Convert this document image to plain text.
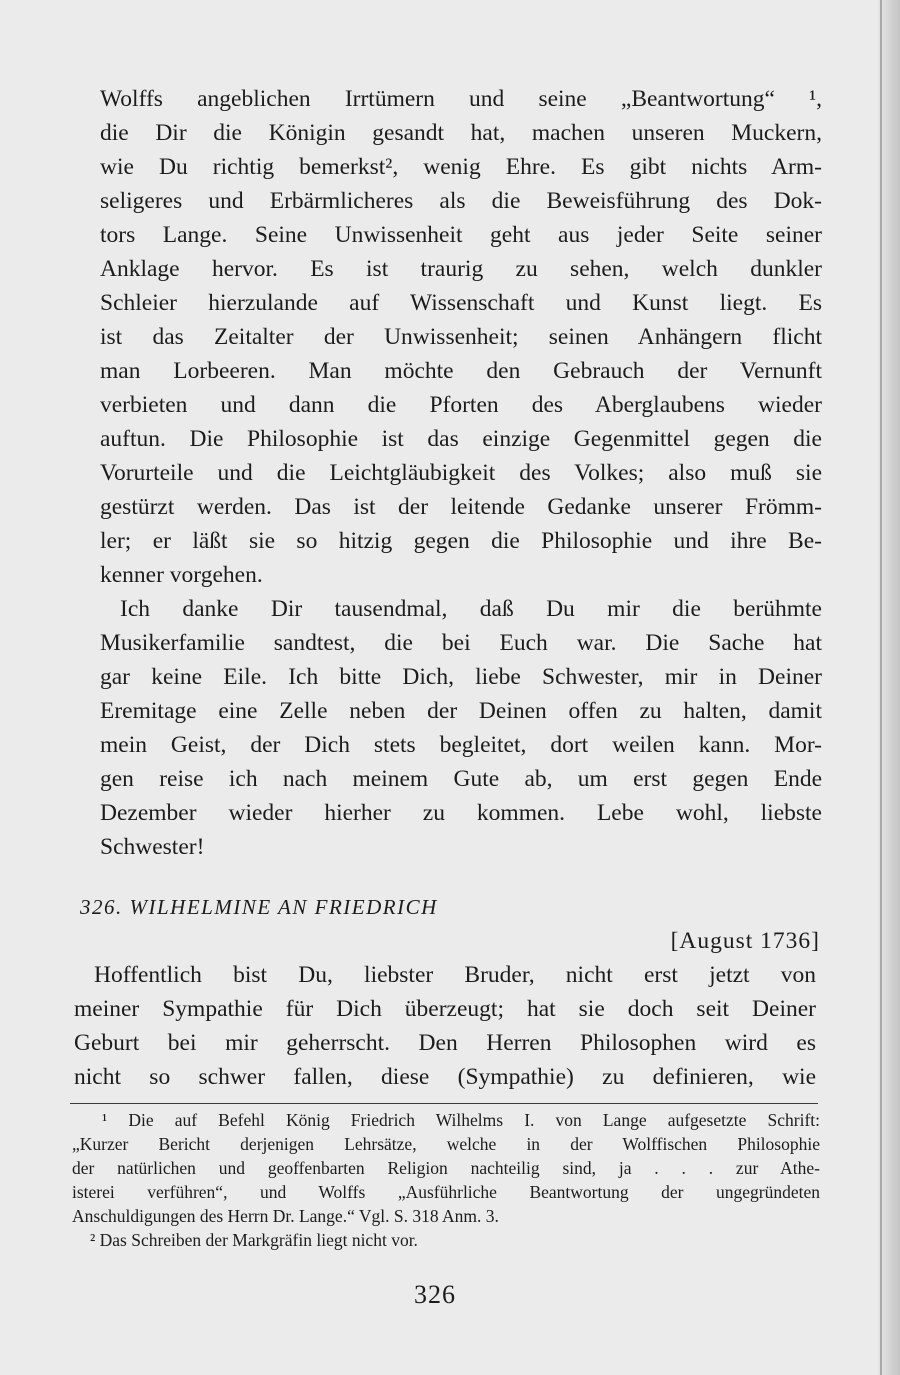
Wolffs angeblichen Irrtümern und seine „Beantwortung“ ¹,
die Dir die Königin gesandt hat, machen unseren Muckern,
wie Du richtig bemerkst², wenig Ehre. Es gibt nichts Arm-
seligeres und Erbärmlicheres als die Beweisführung des Dok-
tors Lange. Seine Unwissenheit geht aus jeder Seite seiner
Anklage hervor. Es ist traurig zu sehen, welch dunkler
Schleier hierzulande auf Wissenschaft und Kunst liegt. Es
ist das Zeitalter der Unwissenheit; seinen Anhängern flicht
man Lorbeeren. Man möchte den Gebrauch der Vernunft
verbieten und dann die Pforten des Aberglaubens wieder
auftun. Die Philosophie ist das einzige Gegenmittel gegen die
Vorurteile und die Leichtgläubigkeit des Volkes; also muß sie
gestürzt werden. Das ist der leitende Gedanke unserer Frömm-
ler; er läßt sie so hitzig gegen die Philosophie und ihre Be-
kenner vorgehen.
Ich danke Dir tausendmal, daß Du mir die berühmte
Musikerfamilie sandtest, die bei Euch war. Die Sache hat
gar keine Eile. Ich bitte Dich, liebe Schwester, mir in Deiner
Eremitage eine Zelle neben der Deinen offen zu halten, damit
mein Geist, der Dich stets begleitet, dort weilen kann. Mor-
gen reise ich nach meinem Gute ab, um erst gegen Ende
Dezember wieder hierher zu kommen. Lebe wohl, liebste
Schwester!
326. WILHELMINE AN FRIEDRICH
[August 1736]
Hoffentlich bist Du, liebster Bruder, nicht erst jetzt von
meiner Sympathie für Dich überzeugt; hat sie doch seit Deiner
Geburt bei mir geherrscht. Den Herren Philosophen wird es
nicht so schwer fallen, diese (Sympathie) zu definieren, wie
¹ Die auf Befehl König Friedrich Wilhelms I. von Lange aufgesetzte Schrift:
„Kurzer Bericht derjenigen Lehrsätze, welche in der Wolffischen Philosophie
der natürlichen und geoffenbarten Religion nachteilig sind, ja . . . zur Athe-
isterei verführen“, und Wolffs „Ausführliche Beantwortung der ungegründeten
Anschuldigungen des Herrn Dr. Lange.“ Vgl. S. 318 Anm. 3.
² Das Schreiben der Markgräfin liegt nicht vor.
326
